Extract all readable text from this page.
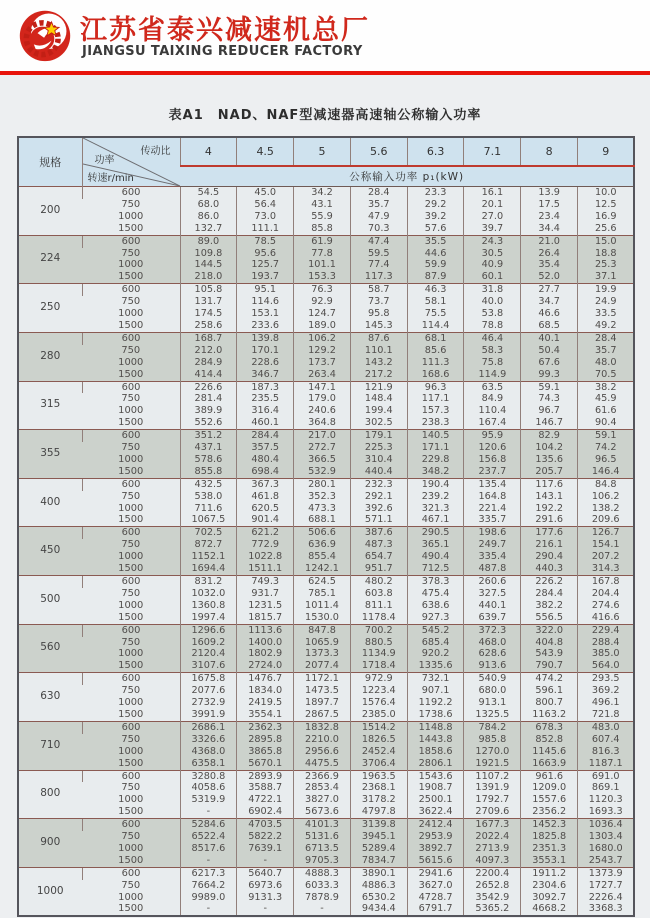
江苏省泰兴减速机总厂
JIANGSU TAIXING REDUCER FACTORY
表A1　NAD、NAF型减速器高速轴公称输入功率
规格	功率
传动比
转速r/min	4	4.5	5	5.6	6.3	7.1	8	9
		公称输入功率 p₁(kW)							
200	600	54.5	45.0	34.2	28.4	23.3	16.1	13.9	10.0
	750	68.0	56.4	43.1	35.7	29.2	20.1	17.5	12.5
	1000	86.0	73.0	55.9	47.9	39.2	27.0	23.4	16.9
	1500	132.7	111.1	85.8	70.3	57.6	39.7	34.4	25.6
224	600	89.0	78.5	61.9	47.4	35.5	24.3	21.0	15.0
	750	109.8	95.6	77.8	59.5	44.6	30.5	26.4	18.8
	1000	144.5	125.7	101.1	77.4	59.9	40.9	35.4	25.3
	1500	218.0	193.7	153.3	117.3	87.9	60.1	52.0	37.1
250	600	105.8	95.1	76.3	58.7	46.3	31.8	27.7	19.9
	750	131.7	114.6	92.9	73.7	58.1	40.0	34.7	24.9
	1000	174.5	153.1	124.7	95.8	75.5	53.8	46.6	33.5
	1500	258.6	233.6	189.0	145.3	114.4	78.8	68.5	49.2
280	600	168.7	139.8	106.2	87.6	68.1	46.4	40.1	28.4
	750	212.0	170.1	129.2	110.1	85.6	58.3	50.4	35.7
	1000	284.9	228.6	173.7	143.2	111.3	75.8	67.6	48.0
	1500	414.4	346.7	263.4	217.2	168.6	114.9	99.3	70.5
315	600	226.6	187.3	147.1	121.9	96.3	63.5	59.1	38.2
	750	281.4	235.5	179.0	148.4	117.1	84.9	74.3	45.9
	1000	389.9	316.4	240.6	199.4	157.3	110.4	96.7	61.6
	1500	552.6	460.1	364.8	302.5	238.3	167.4	146.7	90.4
355	600	351.2	284.4	217.0	179.1	140.5	95.9	82.9	59.1
	750	437.1	357.5	272.7	225.3	171.1	120.6	104.2	74.2
	1000	578.6	480.4	366.5	310.4	229.8	156.8	135.6	96.5
	1500	855.8	698.4	532.9	440.4	348.2	237.7	205.7	146.4
400	600	432.5	367.3	280.1	232.3	190.4	135.4	117.6	84.8
	750	538.0	461.8	352.3	292.1	239.2	164.8	143.1	106.2
	1000	711.6	620.5	473.3	392.6	321.3	221.4	192.2	138.2
	1500	1067.5	901.4	688.1	571.1	467.1	335.7	291.6	209.6
450	600	702.5	621.2	506.6	387.6	290.5	198.6	177.6	126.7
	750	872.7	772.9	636.9	487.3	365.1	249.7	216.1	154.1
	1000	1152.1	1022.8	855.4	654.7	490.4	335.4	290.4	207.2
	1500	1694.4	1511.1	1242.1	951.7	712.5	487.8	440.3	314.3
500	600	831.2	749.3	624.5	480.2	378.3	260.6	226.2	167.8
	750	1032.0	931.7	785.1	603.8	475.4	327.5	284.4	204.4
	1000	1360.8	1231.5	1011.4	811.1	638.6	440.1	382.2	274.6
	1500	1997.4	1815.7	1530.0	1178.4	927.3	639.7	556.5	416.6
560	600	1296.6	1113.6	847.8	700.2	545.2	372.3	322.0	229.4
	750	1609.2	1400.0	1065.9	880.5	685.4	468.0	404.8	288.4
	1000	2120.4	1802.9	1373.3	1134.9	920.2	628.6	543.9	385.0
	1500	3107.6	2724.0	2077.4	1718.4	1335.6	913.6	790.7	564.0
630	600	1675.8	1476.7	1172.1	972.9	732.1	540.9	474.2	293.5
	750	2077.6	1834.0	1473.5	1223.4	907.1	680.0	596.1	369.2
	1000	2732.9	2419.5	1897.7	1576.4	1192.2	913.1	800.7	496.1
	1500	3991.9	3554.1	2867.5	2385.0	1738.6	1325.5	1163.2	721.8
710	600	2686.1	2362.3	1832.8	1514.2	1148.8	784.2	678.3	483.0
	750	3326.6	2895.8	2210.0	1826.5	1443.8	985.8	852.8	607.4
	1000	4368.0	3865.8	2956.6	2452.4	1858.6	1270.0	1145.6	816.3
	1500	6358.1	5670.1	4475.5	3706.4	2806.1	1921.5	1663.9	1187.1
800	600	3280.8	2893.9	2366.9	1963.5	1543.6	1107.2	961.6	691.0
	750	4058.6	3588.7	2853.4	2368.1	1908.7	1391.9	1209.0	869.1
	1000	5319.9	4722.1	3827.0	3178.2	2500.1	1792.7	1557.6	1120.3
	1500	-	6902.4	5673.6	4797.8	3622.4	2709.6	2356.2	1693.3
900	600	5284.6	4703.5	4101.3	3139.8	2412.4	1677.3	1452.3	1036.4
	750	6522.4	5822.2	5131.6	3945.1	2953.9	2022.4	1825.8	1303.4
	1000	8517.6	7639.1	6713.5	5289.4	3892.7	2713.9	2351.3	1680.0
	1500	-	-	9705.3	7834.7	5615.6	4097.3	3553.1	2543.7
1000	600	6217.3	5640.7	4888.3	3890.1	2941.6	2200.4	1911.2	1373.9
	750	7664.2	6973.6	6033.3	4886.3	3627.0	2652.8	2304.6	1727.7
	1000	9989.0	9131.3	7878.9	6530.2	4728.7	3542.9	3092.7	2226.4
	1500	-	-	-	9434.4	6791.7	5365.2	4668.2	3368.3
